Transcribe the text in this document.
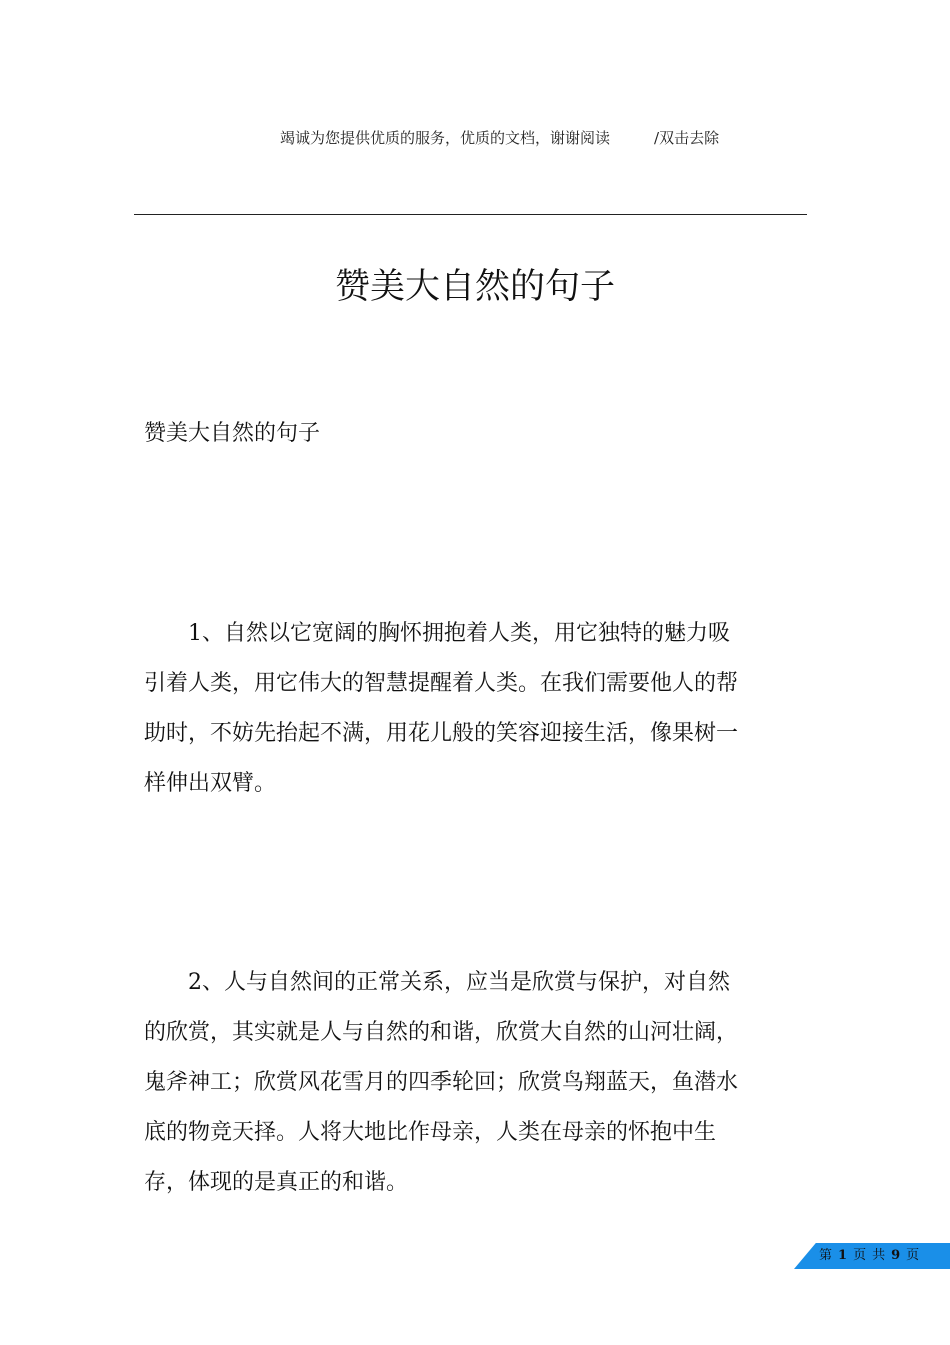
竭诚为您提供优质的服务，优质的文档，谢谢阅读	/双击去除
赞美大自然的句子
赞美大自然的句子

1、自然以它宽阔的胸怀拥抱着人类，用它独特的魅力吸引着人类，用它伟大的智慧提醒着人类。在我们需要他人的帮助时，不妨先抬起不满，用花儿般的笑容迎接生活，像果树一样伸出双臂。

2、人与自然间的正常关系，应当是欣赏与保护，对自然的欣赏，其实就是人与自然的和谐，欣赏大自然的山河壮阔，鬼斧神工；欣赏风花雪月的四季轮回；欣赏鸟翔蓝天，鱼潜水底的物竞天择。人将大地比作母亲，人类在母亲的怀抱中生存，体现的是真正的和谐。

第 1 页 共 9 页
